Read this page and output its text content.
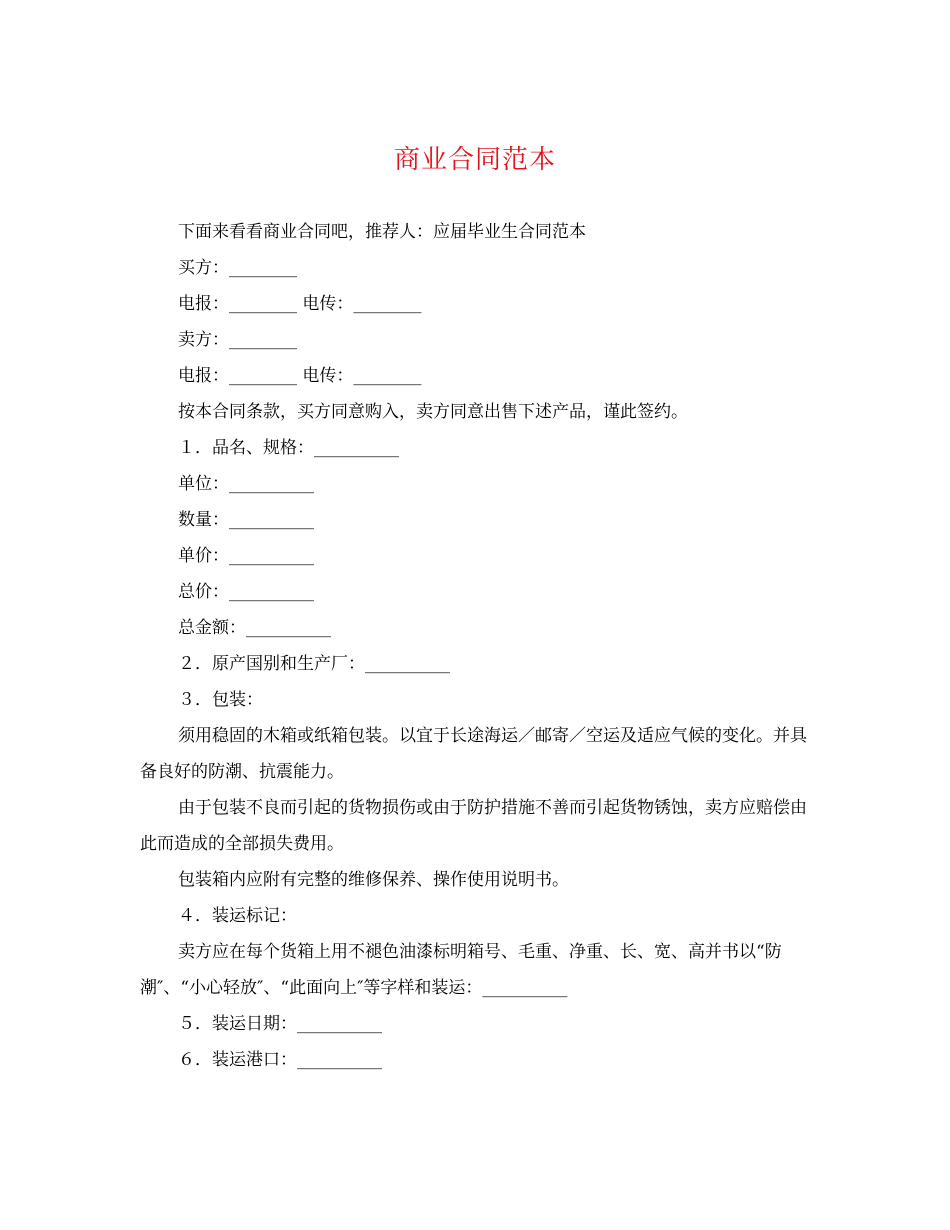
商业合同范本

下面来看看商业合同吧，推荐人：应届毕业生合同范本

买方：________

电报：________ 电传：________

卖方：________

电报：________ 电传：________

按本合同条款，买方同意购入，卖方同意出售下述产品，谨此签约。

１．品名、规格：__________

单位：__________

数量：__________

单价：__________

总价：__________

总金额：__________

２．原产国别和生产厂：__________

３．包装：

须用稳固的木箱或纸箱包装。以宜于长途海运／邮寄／空运及适应气候的变化。并具备良好的防潮、抗震能力。

由于包装不良而引起的货物损伤或由于防护措施不善而引起货物锈蚀，卖方应赔偿由此而造成的全部损失费用。

包装箱内应附有完整的维修保养、操作使用说明书。

４．装运标记：

卖方应在每个货箱上用不褪色油漆标明箱号、毛重、净重、长、宽、高并书以“防潮″、“小心轻放″、“此面向上″等字样和装运：__________

５．装运日期：__________

６．装运港口：__________
